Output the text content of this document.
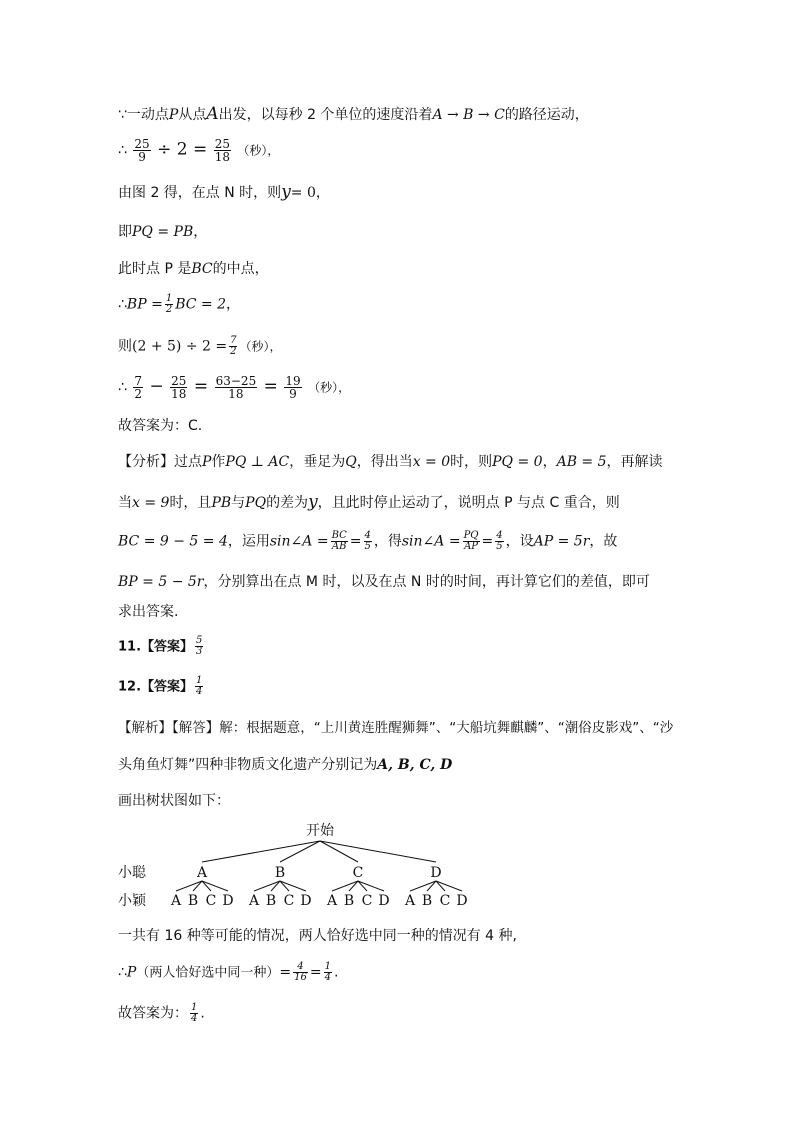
∵一动点P从点A出发，以每秒 2 个单位的速度沿着A → B → C的路径运动，
∴ $\frac{25}{9} \div 2 = \frac{25}{18}$ （秒），
由图 2 得，在点 N 时，则y= 0，
即PQ = PB，
此时点 P 是BC的中点，
∴BP = $\frac{1}{2}$ BC = 2，
则$(2 + 5) \div 2 = \frac{7}{2}$ （秒），
∴ $\frac{7}{2} - \frac{25}{18} = \frac{63-25}{18} = \frac{19}{9}$ （秒），
故答案为：C.
【分析】过点P作PQ ⊥ AC，垂足为Q，得出当x = 0时，则PQ = 0，AB = 5，再解读
当x = 9时，且PB与PQ的差为y，且此时停止运动了，说明点 P 与点 C 重合，则
BC = 9 − 5 = 4，运用sin∠A = $\frac{BC}{AB} = \frac{4}{5}$ ，得sin∠A = $\frac{PQ}{AP} = \frac{4}{5}$ ，设AP = 5r，故
BP = 5 − 5r，分别算出在点 M 时，以及在点 N 时的时间，再计算它们的差值，即可
求出答案.
11.【答案】 $\frac{5}{3}$
12.【答案】 $\frac{1}{4}$
【解析】【解答】解：根据题意，“上川黄连胜醒狮舞”、“大船坑舞麒麟”、“潮俗皮影戏”、“沙
头角鱼灯舞”四种非物质文化遗产分别记为A, B, C, D
画出树状图如下：
开始
小聪
小颖
A	B	C	D
A B C D A B C D A B C D A B C D
一共有 16 种等可能的情况，两人恰好选中同一种的情况有 4 种,
∴P（两人恰好选中同一种）= $\frac{4}{16} = \frac{1}{4}$ .
故答案为： $\frac{1}{4}$ .
